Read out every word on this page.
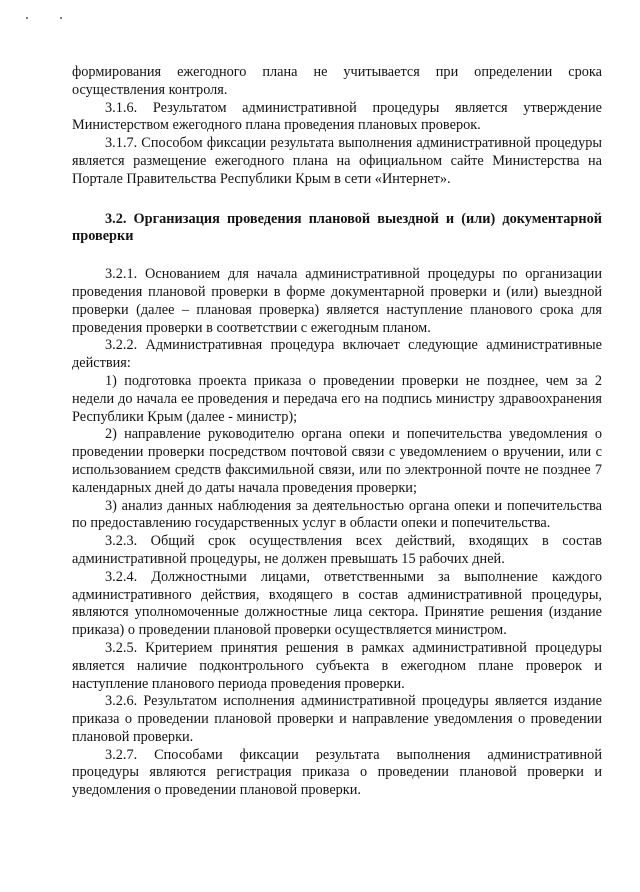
формирования ежегодного плана не учитывается при определении срока осуществления контроля.

3.1.6. Результатом административной процедуры является утверждение Министерством ежегодного плана проведения плановых проверок.

3.1.7. Способом фиксации результата выполнения административной процедуры является размещение ежегодного плана на официальном сайте Министерства на Портале Правительства Республики Крым в сети «Интернет».

3.2. Организация проведения плановой выездной и (или) документарной проверки

3.2.1. Основанием для начала административной процедуры по организации проведения плановой проверки в форме документарной проверки и (или) выездной проверки (далее – плановая проверка) является наступление планового срока для проведения проверки в соответствии с ежегодным планом.

3.2.2. Административная процедура включает следующие административные действия:

1) подготовка проекта приказа о проведении проверки не позднее, чем за 2 недели до начала ее проведения и передача его на подпись министру здравоохранения Республики Крым (далее - министр);

2) направление руководителю органа опеки и попечительства уведомления о проведении проверки посредством почтовой связи с уведомлением о вручении, или с использованием средств факсимильной связи, или по электронной почте не позднее 7 календарных дней до даты начала проведения проверки;

3) анализ данных наблюдения за деятельностью органа опеки и попечительства по предоставлению государственных услуг в области опеки и попечительства.

3.2.3. Общий срок осуществления всех действий, входящих в состав административной процедуры, не должен превышать 15 рабочих дней.

3.2.4. Должностными лицами, ответственными за выполнение каждого административного действия, входящего в состав административной процедуры, являются уполномоченные должностные лица сектора. Принятие решения (издание приказа) о проведении плановой проверки осуществляется министром.

3.2.5. Критерием принятия решения в рамках административной процедуры является наличие подконтрольного субъекта в ежегодном плане проверок и наступление планового периода проведения проверки.

3.2.6. Результатом исполнения административной процедуры является издание приказа о проведении плановой проверки и направление уведомления о проведении плановой проверки.

3.2.7. Способами фиксации результата выполнения административной процедуры являются регистрация приказа о проведении плановой проверки и уведомления о проведении плановой проверки.
